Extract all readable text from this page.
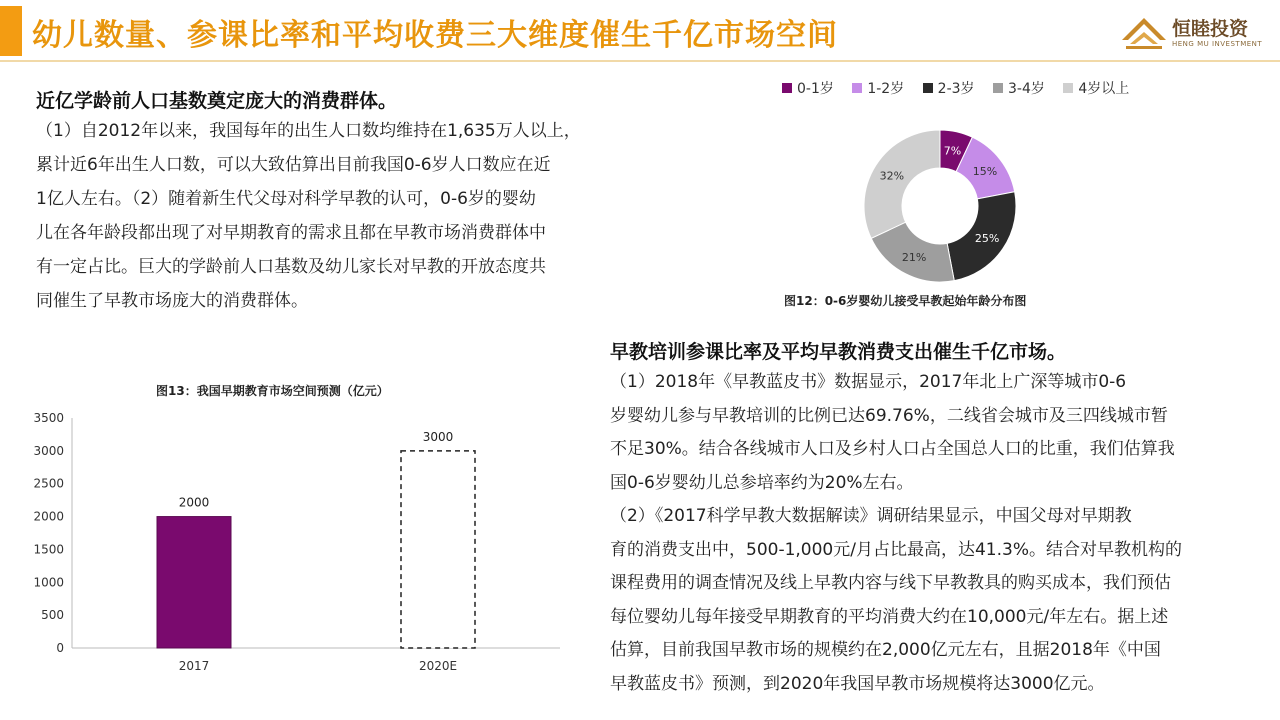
幼儿数量、参课比率和平均收费三大维度催生千亿市场空间	恒睦投资
HENG MU INVESTMENT
近亿学龄前人口基数奠定庞大的消费群体。
（1）自2012年以来，我国每年的出生人口数均维持在1,635万人以上，
累计近6年出生人口数，可以大致估算出目前我国0-6岁人口数应在近
1亿人左右。（2）随着新生代父母对科学早教的认可，0-6岁的婴幼
儿在各年龄段都出现了对早期教育的需求且都在早教市场消费群体中
有一定占比。巨大的学龄前人口基数及幼儿家长对早教的开放态度共
同催生了早教市场庞大的消费群体。
0-1岁 1-2岁 2-3岁 3-4岁 4岁以上
7%
15%
25%
21%
32%
图12：0-6岁婴幼儿接受早教起始年龄分布图
图13：我国早期教育市场空间预测（亿元）
3500
3000
2500
2000
1500
1000
500
0
2000
2017
3000
2020E
早教培训参课比率及平均早教消费支出催生千亿市场。
（1）2018年《早教蓝皮书》数据显示，2017年北上广深等城市0-6
岁婴幼儿参与早教培训的比例已达69.76%，二线省会城市及三四线城市暂
不足30%。结合各线城市人口及乡村人口占全国总人口的比重，我们估算我
国0-6岁婴幼儿总参培率约为20%左右。
（2）《2017科学早教大数据解读》调研结果显示，中国父母对早期教
育的消费支出中，500-1,000元/月占比最高，达41.3%。结合对早教机构的
课程费用的调查情况及线上早教内容与线下早教教具的购买成本，我们预估
每位婴幼儿每年接受早期教育的平均消费大约在10,000元/年左右。据上述
估算，目前我国早教市场的规模约在2,000亿元左右，且据2018年《中国
早教蓝皮书》预测，到2020年我国早教市场规模将达3000亿元。
